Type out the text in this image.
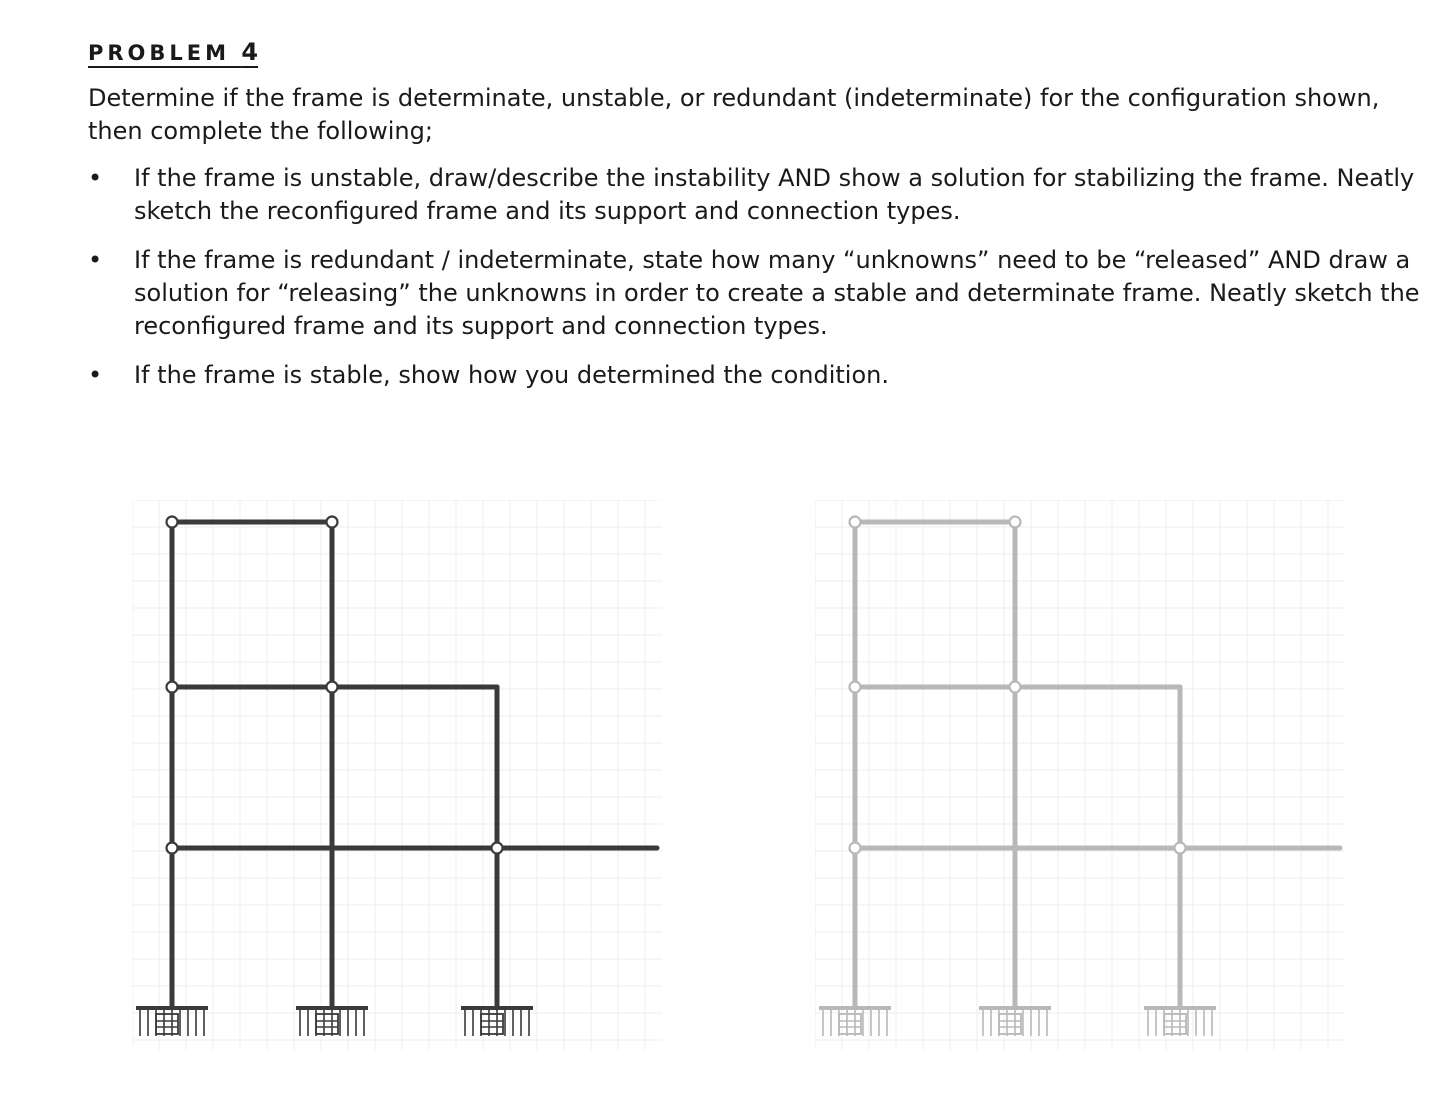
PROBLEM 4

Determine if the frame is determinate, unstable, or redundant (indeterminate) for the configuration shown, then complete the following;

• If the frame is unstable, draw/describe the instability AND show a solution for stabilizing the frame. Neatly sketch the reconfigured frame and its support and connection types.
• If the frame is redundant / indeterminate, state how many “unknowns” need to be “released” AND draw a solution for “releasing” the unknowns in order to create a stable and determinate frame. Neatly sketch the reconfigured frame and its support and connection types.
• If the frame is stable, show how you determined the condition.
